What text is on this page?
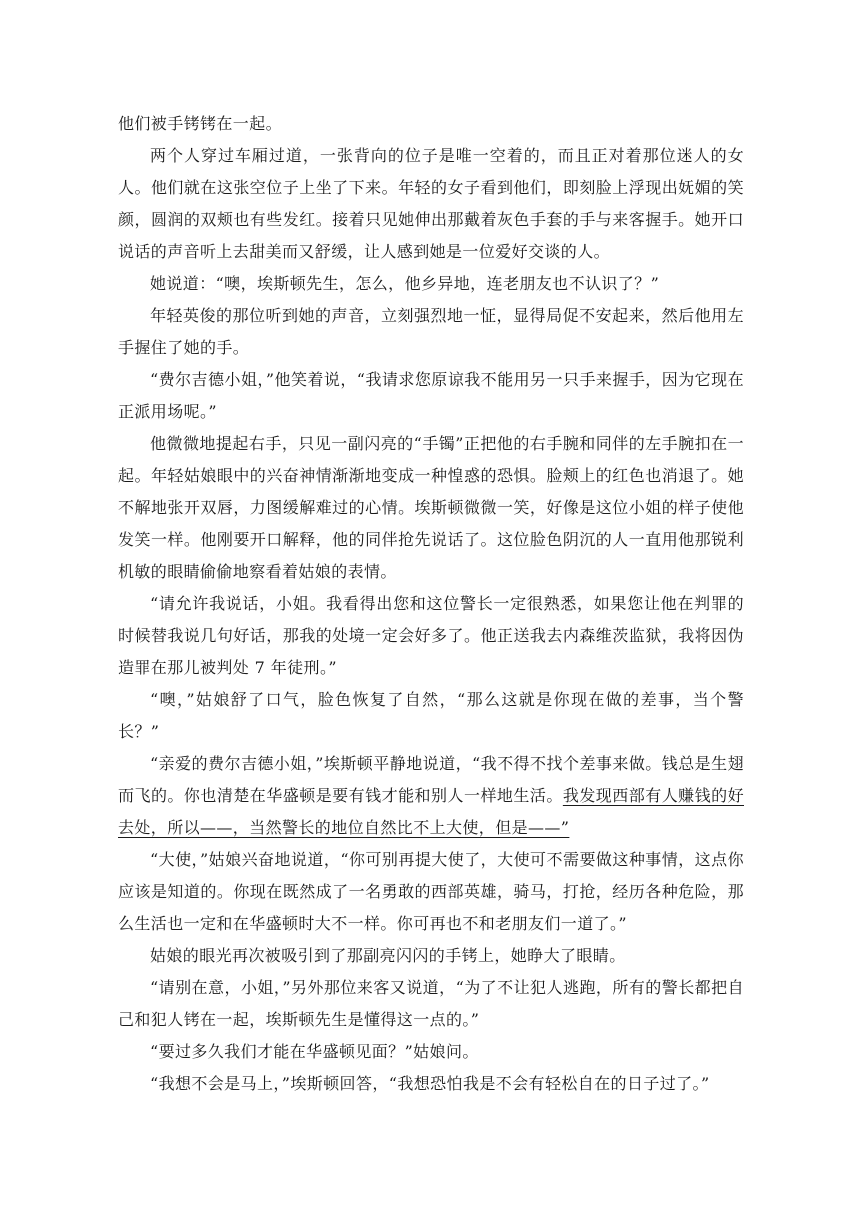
他们被手铐铐在一起。

两个人穿过车厢过道，一张背向的位子是唯一空着的，而且正对着那位迷人的女人。他们就在这张空位子上坐了下来。年轻的女子看到他们，即刻脸上浮现出妩媚的笑颜，圆润的双颊也有些发红。接着只见她伸出那戴着灰色手套的手与来客握手。她开口说话的声音听上去甜美而又舒缓，让人感到她是一位爱好交谈的人。

她说道：“噢，埃斯顿先生，怎么，他乡异地，连老朋友也不认识了？”

年轻英俊的那位听到她的声音，立刻强烈地一怔，显得局促不安起来，然后他用左手握住了她的手。

“费尔吉德小姐，”他笑着说，“我请求您原谅我不能用另一只手来握手，因为它现在正派用场呢。”

他微微地提起右手，只见一副闪亮的“手镯”正把他的右手腕和同伴的左手腕扣在一起。年轻姑娘眼中的兴奋神情渐渐地变成一种惶惑的恐惧。脸颊上的红色也消退了。她不解地张开双唇，力图缓解难过的心情。埃斯顿微微一笑，好像是这位小姐的样子使他发笑一样。他刚要开口解释，他的同伴抢先说话了。这位脸色阴沉的人一直用他那锐利机敏的眼睛偷偷地察看着姑娘的表情。

“请允许我说话，小姐。我看得出您和这位警长一定很熟悉，如果您让他在判罪的时候替我说几句好话，那我的处境一定会好多了。他正送我去内森维茨监狱，我将因伪造罪在那儿被判处 7 年徒刑。”

“噢，”姑娘舒了口气，脸色恢复了自然，“那么这就是你现在做的差事，当个警长？”

“亲爱的费尔吉德小姐，”埃斯顿平静地说道，“我不得不找个差事来做。钱总是生翅而飞的。你也清楚在华盛顿是要有钱才能和别人一样地生活。我发现西部有人赚钱的好去处，所以——，当然警长的地位自然比不上大使，但是——”

“大使，”姑娘兴奋地说道，“你可别再提大使了，大使可不需要做这种事情，这点你应该是知道的。你现在既然成了一名勇敢的西部英雄，骑马，打抢，经历各种危险，那么生活也一定和在华盛顿时大不一样。你可再也不和老朋友们一道了。”

姑娘的眼光再次被吸引到了那副亮闪闪的手铐上，她睁大了眼睛。

“请别在意，小姐，”另外那位来客又说道，“为了不让犯人逃跑，所有的警长都把自己和犯人铐在一起，埃斯顿先生是懂得这一点的。”

“要过多久我们才能在华盛顿见面？”姑娘问。

“我想不会是马上，”埃斯顿回答，“我想恐怕我是不会有轻松自在的日子过了。”
